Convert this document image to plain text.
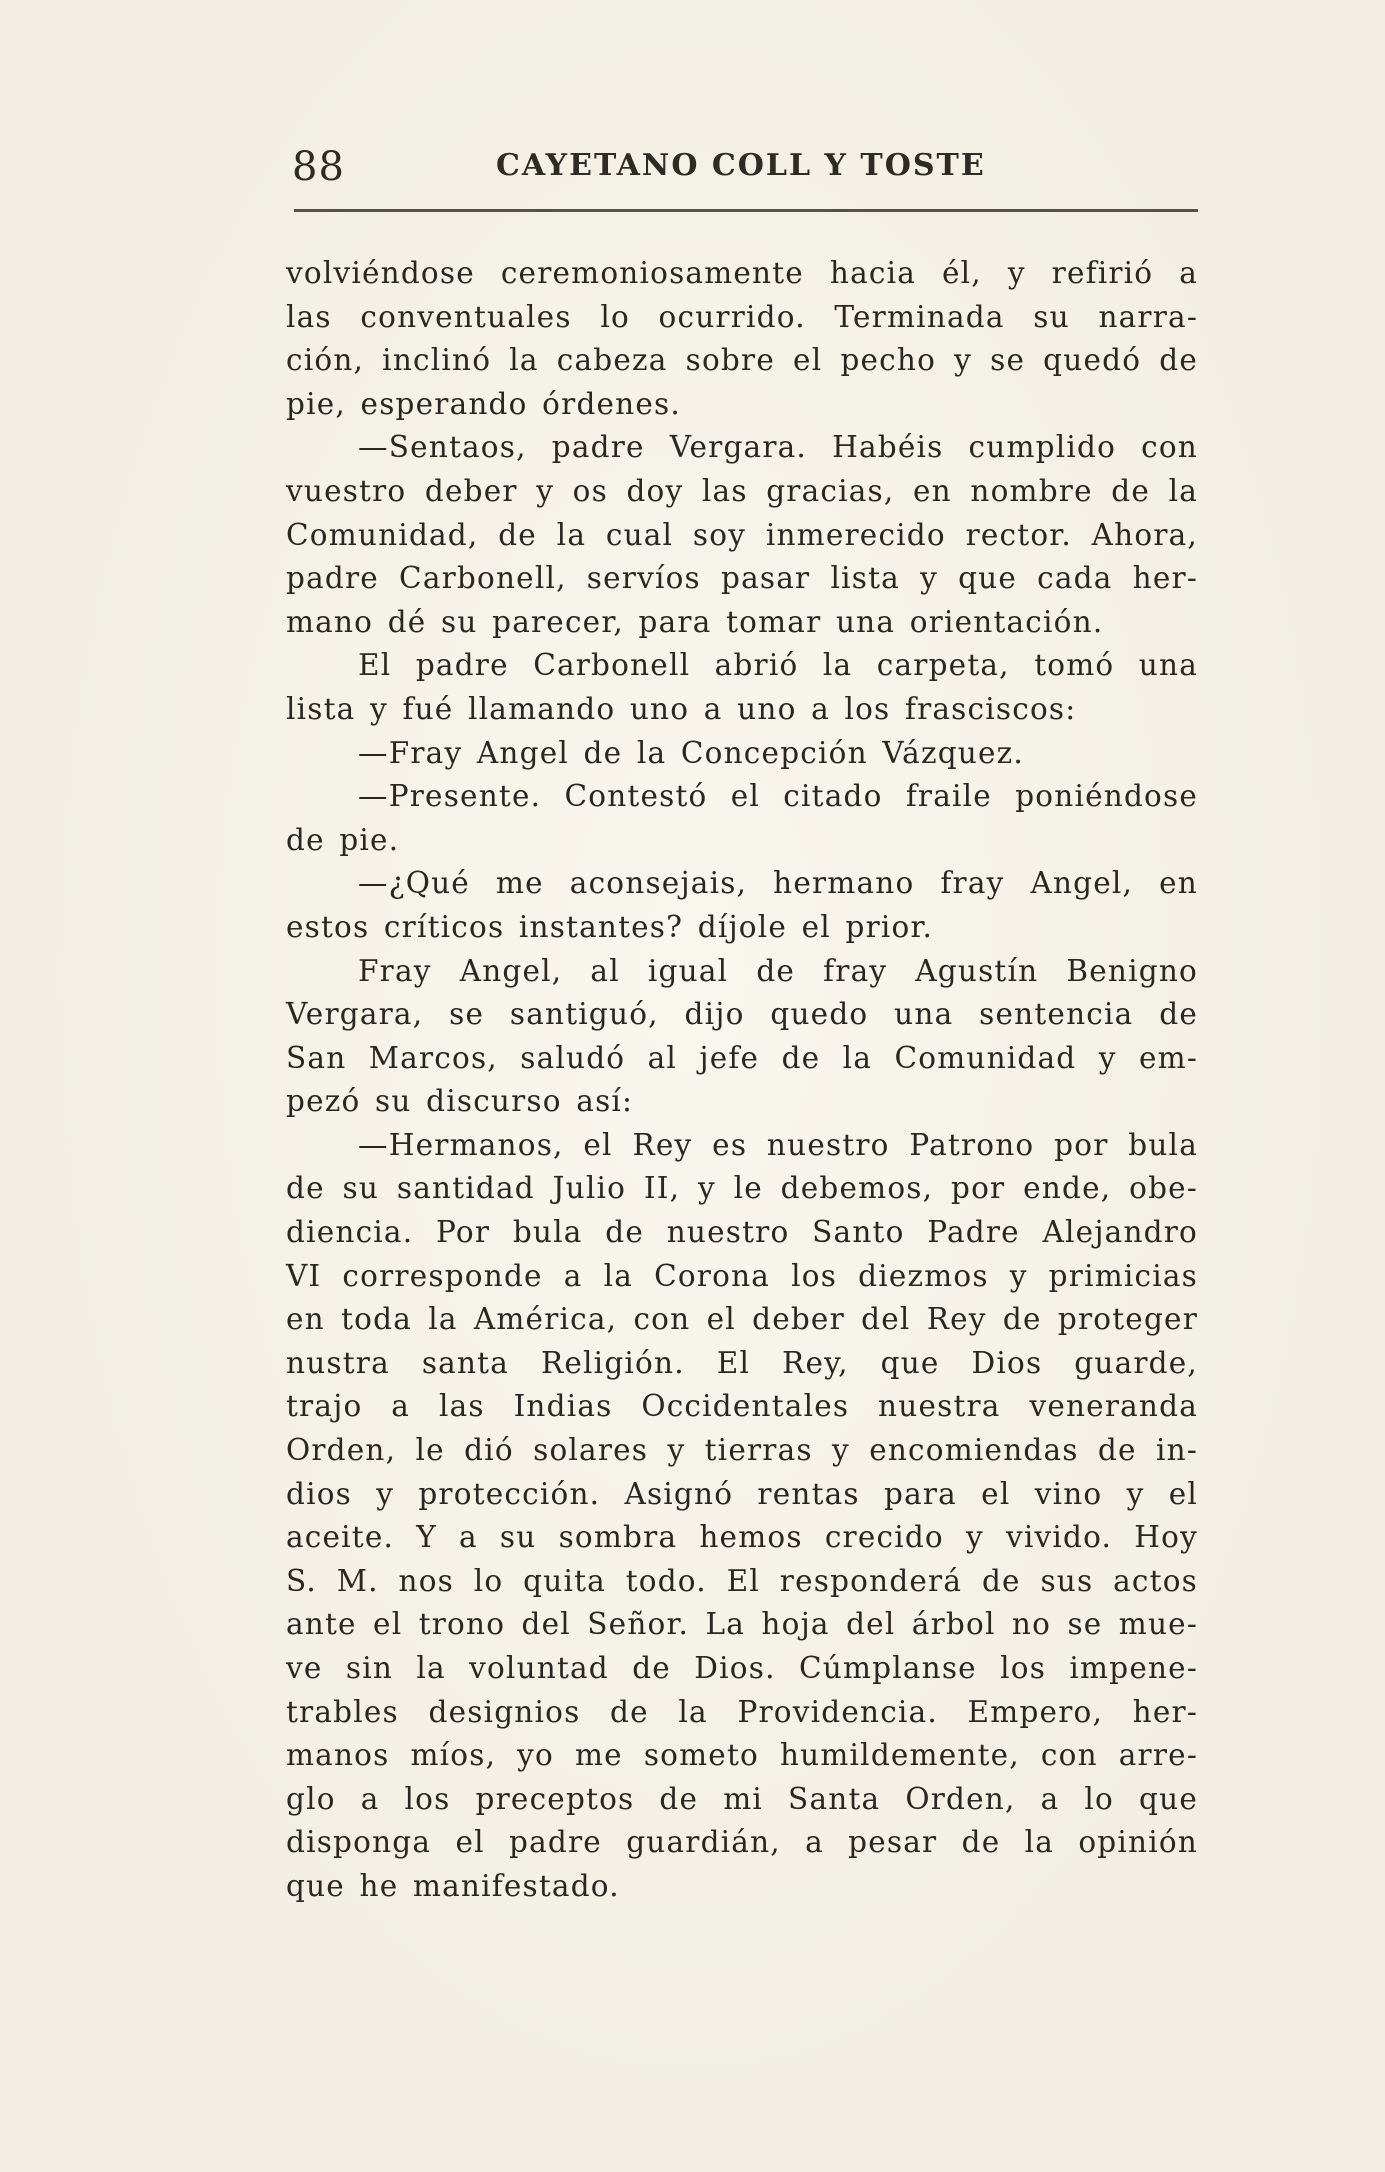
88	CAYETANO COLL Y TOSTE
volviéndose ceremoniosamente hacia él, y refirió a
las conventuales lo ocurrido. Terminada su narra-
ción, inclinó la cabeza sobre el pecho y se quedó de
pie, esperando órdenes.
—Sentaos, padre Vergara. Habéis cumplido con
vuestro deber y os doy las gracias, en nombre de la
Comunidad, de la cual soy inmerecido rector. Ahora,
padre Carbonell, servíos pasar lista y que cada her-
mano dé su parecer, para tomar una orientación.
El padre Carbonell abrió la carpeta, tomó una
lista y fué llamando uno a uno a los frasciscos:
—Fray Angel de la Concepción Vázquez.
—Presente. Contestó el citado fraile poniéndose
de pie.
—¿Qué me aconsejais, hermano fray Angel, en
estos críticos instantes? díjole el prior.
Fray Angel, al igual de fray Agustín Benigno
Vergara, se santiguó, dijo quedo una sentencia de
San Marcos, saludó al jefe de la Comunidad y em-
pezó su discurso así:
—Hermanos, el Rey es nuestro Patrono por bula
de su santidad Julio II, y le debemos, por ende, obe-
diencia. Por bula de nuestro Santo Padre Alejandro
VI corresponde a la Corona los diezmos y primicias
en toda la América, con el deber del Rey de proteger
nustra santa Religión. El Rey, que Dios guarde,
trajo a las Indias Occidentales nuestra veneranda
Orden, le dió solares y tierras y encomiendas de in-
dios y protección. Asignó rentas para el vino y el
aceite. Y a su sombra hemos crecido y vivido. Hoy
S. M. nos lo quita todo. El responderá de sus actos
ante el trono del Señor. La hoja del árbol no se mue-
ve sin la voluntad de Dios. Cúmplanse los impene-
trables designios de la Providencia. Empero, her-
manos míos, yo me someto humildemente, con arre-
glo a los preceptos de mi Santa Orden, a lo que
disponga el padre guardián, a pesar de la opinión
que he manifestado.
